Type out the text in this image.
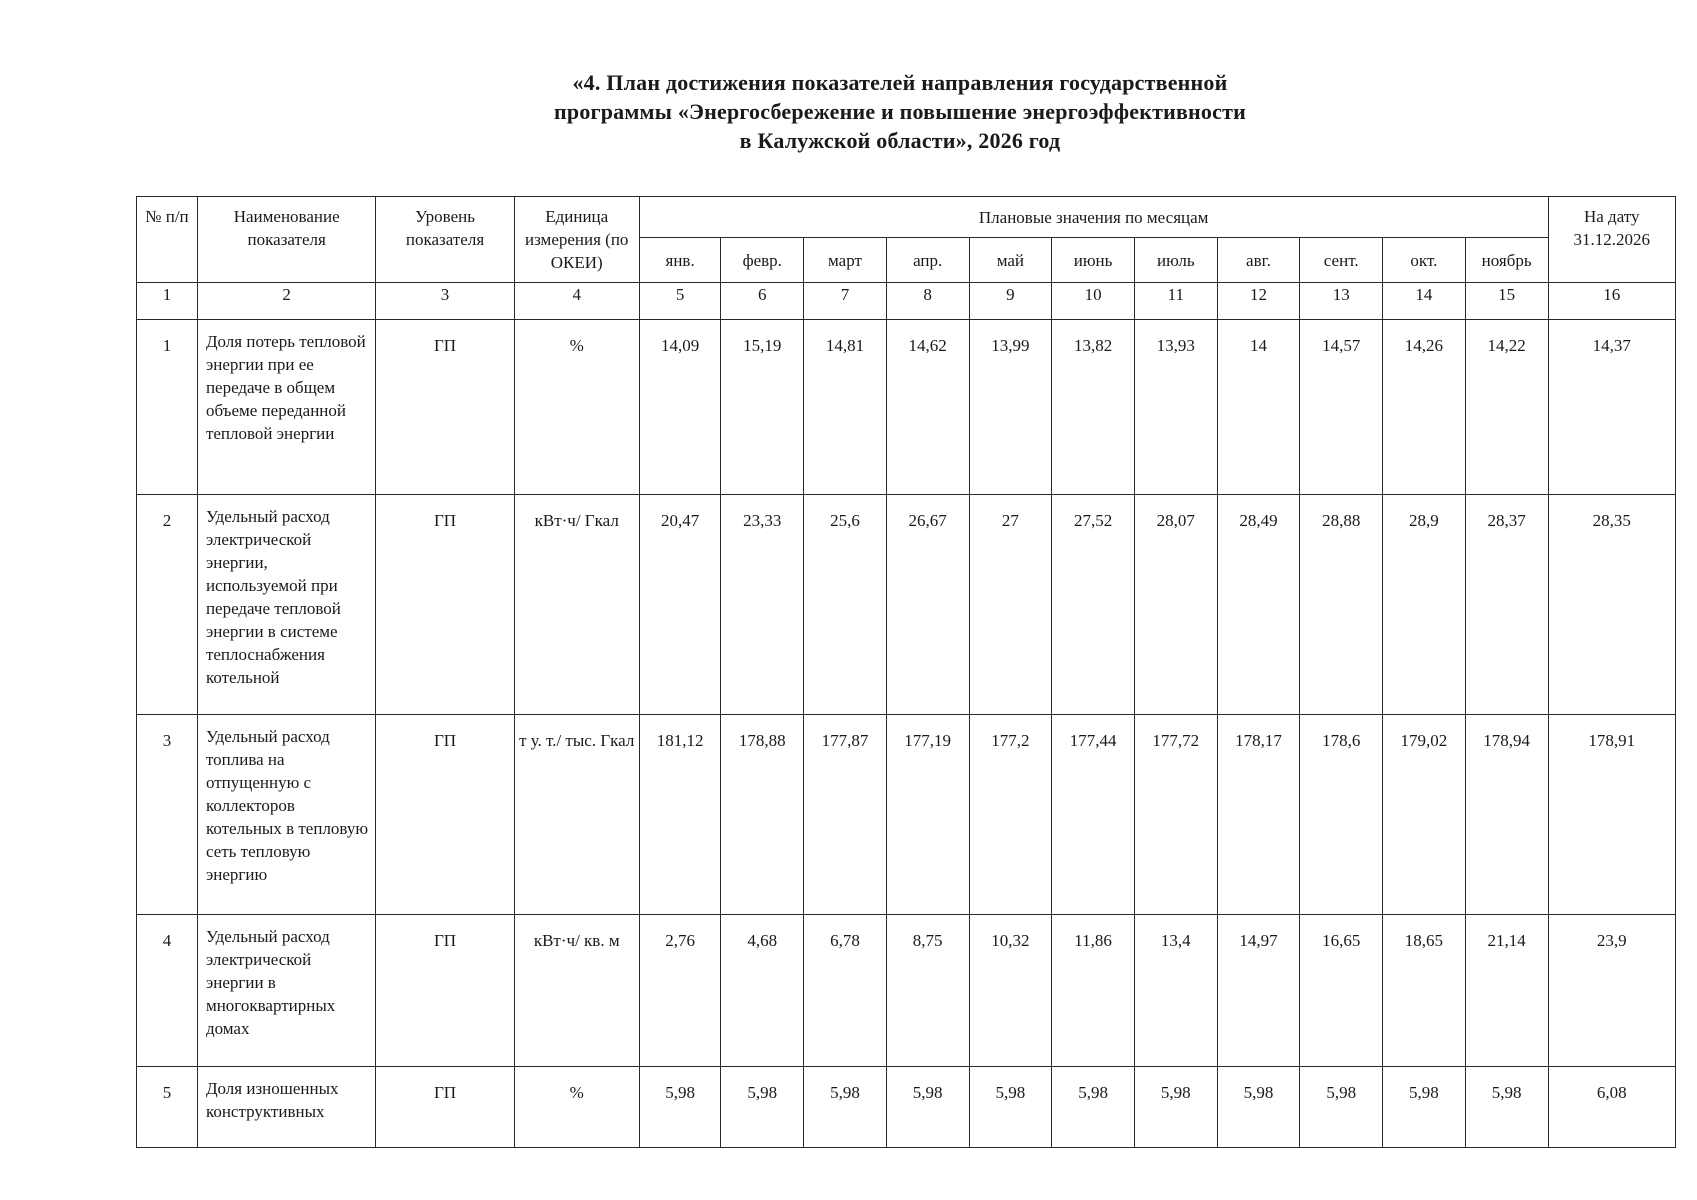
«4. План достижения показателей направления государственной
программы «Энергосбережение и повышение энергоэффективности
в Калужской области», 2026 год
№ п/п	Наименование показателя	Уровень показателя	Единица измерения (по ОКЕИ)	Плановые значения по месяцам											На дату 31.12.2026
				янв.	февр.	март	апр.	май	июнь	июль	авг.	сент.	окт.	ноябрь	
1	2	3	4	5	6	7	8	9	10	11	12	13	14	15	16
1	Доля потерь тепловой энергии при ее передаче в общем объеме переданной тепловой энергии	ГП	%	14,09	15,19	14,81	14,62	13,99	13,82	13,93	14	14,57	14,26	14,22	14,37
2	Удельный расход электрической энергии, используемой при передаче тепловой энергии в системе теплоснабжения котельной	ГП	кВт·ч/ Гкал	20,47	23,33	25,6	26,67	27	27,52	28,07	28,49	28,88	28,9	28,37	28,35
3	Удельный расход топлива на отпущенную с коллекторов котельных в тепловую сеть тепловую энергию	ГП	т у. т./ тыс. Гкал	181,12	178,88	177,87	177,19	177,2	177,44	177,72	178,17	178,6	179,02	178,94	178,91
4	Удельный расход электрической энергии в многоквартирных домах	ГП	кВт·ч/ кв. м	2,76	4,68	6,78	8,75	10,32	11,86	13,4	14,97	16,65	18,65	21,14	23,9
5	Доля изношенных конструктивных	ГП	%	5,98	5,98	5,98	5,98	5,98	5,98	5,98	5,98	5,98	5,98	5,98	6,08
